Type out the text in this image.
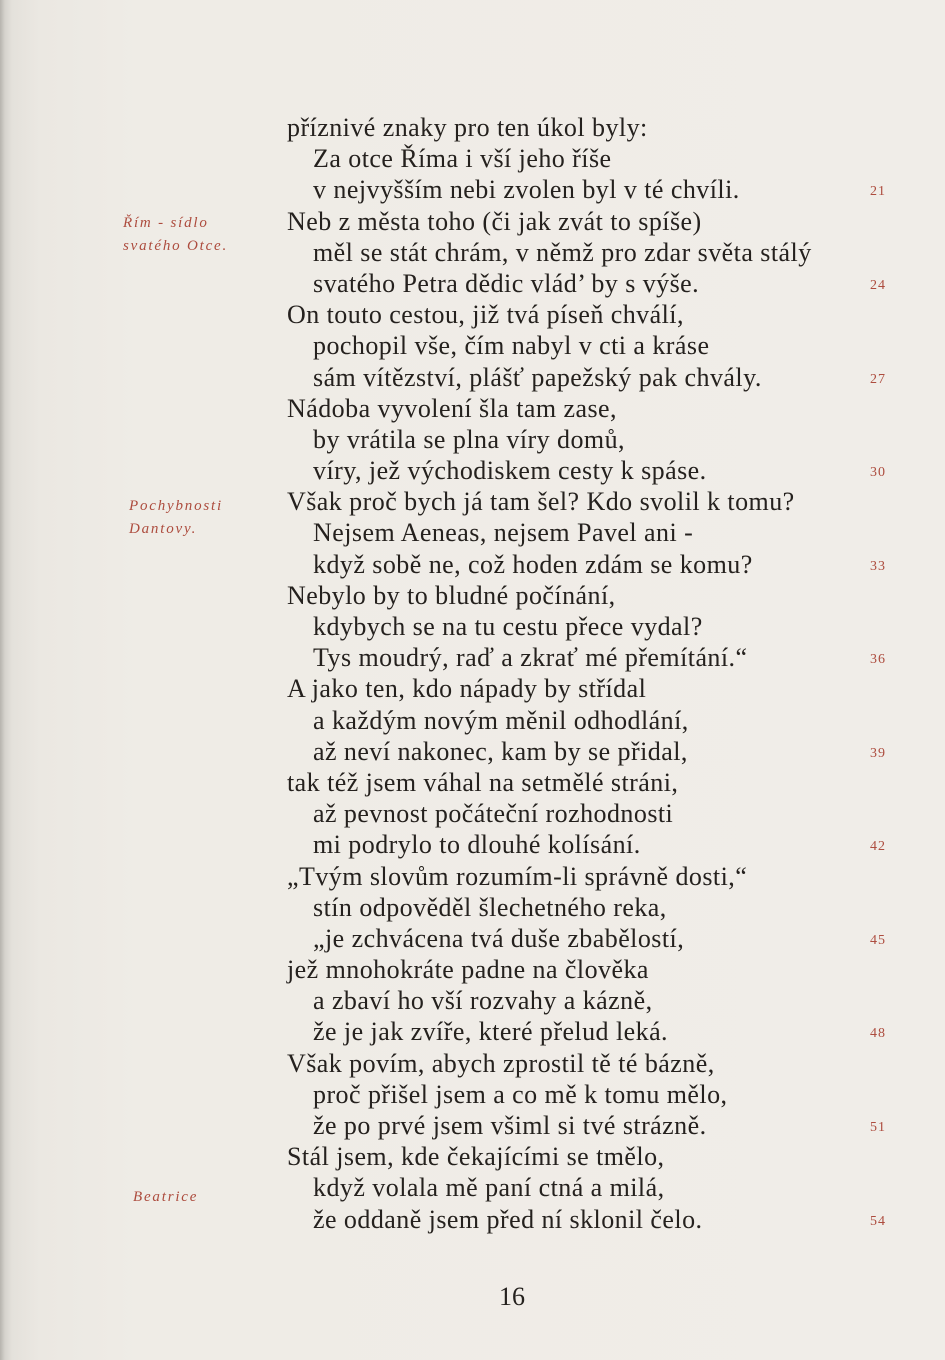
příznivé znaky pro ten úkol byly:
Za otce Říma i vší jeho říše
v nejvyšším nebi zvolen byl v té chvíli.	21
Neb z města toho (či jak zvát to spíše)
měl se stát chrám, v němž pro zdar světa stálý
svatého Petra dědic vlád’ by s výše.	24
On touto cestou, již tvá píseň chválí,
pochopil vše, čím nabyl v cti a kráse
sám vítězství, plášť papežský pak chvály.	27
Nádoba vyvolení šla tam zase,
by vrátila se plna víry domů,
víry, jež východiskem cesty k spáse.	30
Však proč bych já tam šel? Kdo svolil k tomu?
Nejsem Aeneas, nejsem Pavel ani -
když sobě ne, což hoden zdám se komu?	33
Nebylo by to bludné počínání,
kdybych se na tu cestu přece vydal?
Tys moudrý, raď a zkrať mé přemítání.“	36
A jako ten, kdo nápady by střídal
a každým novým měnil odhodlání,
až neví nakonec, kam by se přidal,	39
tak též jsem váhal na setmělé stráni,
až pevnost počáteční rozhodnosti
mi podrylo to dlouhé kolísání.	42
„Tvým slovům rozumím-li správně dosti,“
stín odpověděl šlechetného reka,
„je zchvácena tvá duše zbabělostí,	45
jež mnohokráte padne na člověka
a zbaví ho vší rozvahy a kázně,
že je jak zvíře, které přelud leká.	48
Však povím, abych zprostil tě té bázně,
proč přišel jsem a co mě k tomu mělo,
že po prvé jsem všiml si tvé strázně.	51
Stál jsem, kde čekajícími se tmělo,
když volala mě paní ctná a milá,
že oddaně jsem před ní sklonil čelo.	54
Řím - sídlo
svatého Otce.
Pochybnosti
Dantovy.
Beatrice
16
